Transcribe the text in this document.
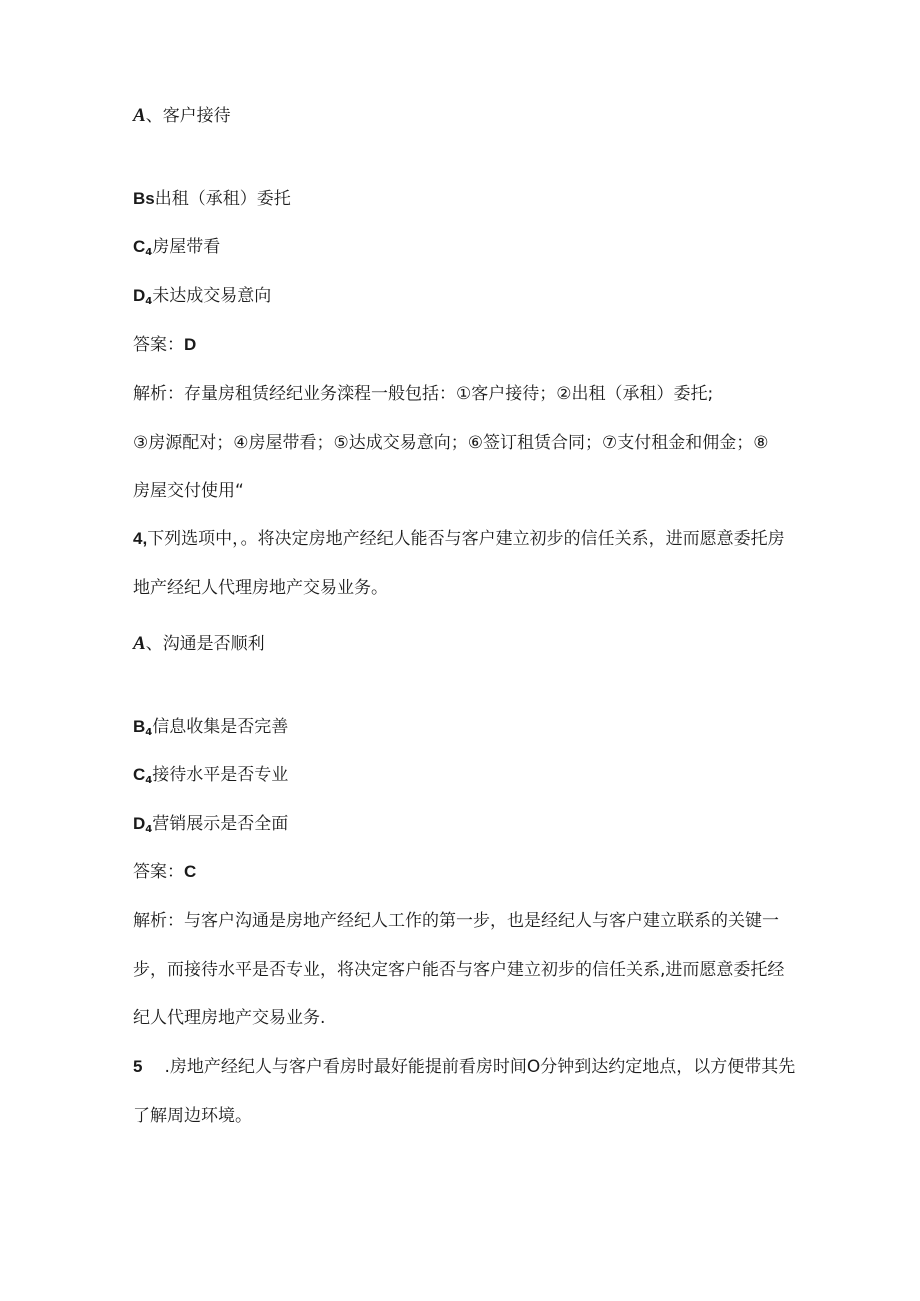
A、客户接待
Bs出租（承租）委托
$C_4$房屋带看
$D_4$未达成交易意向
答案：D
解析：存量房租赁经纪业务滦程一般包括：①客户接待；②出租（承租）委托;
③房源配对；④房屋带看；⑤达成交易意向；⑥签订租赁合同；⑦支付租金和佣金；⑧
房屋交付使用“
4,下列选项中，。将决定房地产经纪人能否与客户建立初步的信任关系，进而愿意委托房
地产经纪人代理房地产交易业务。
A、沟通是否顺利
$B_4$信息收集是否完善
$C_4$接待水平是否专业
$D_4$营销展示是否全面
答案：C
解析：与客户沟通是房地产经纪人工作的第一步，也是经纪人与客户建立联系的关键一
步，而接待水平是否专业，将决定客户能否与客户建立初步的信任关系,进而愿意委托经
纪人代理房地产交易业务.
5 .房地产经纪人与客户看房时最好能提前看房时间O分钟到达约定地点，以方便带其先
了解周边环境。
